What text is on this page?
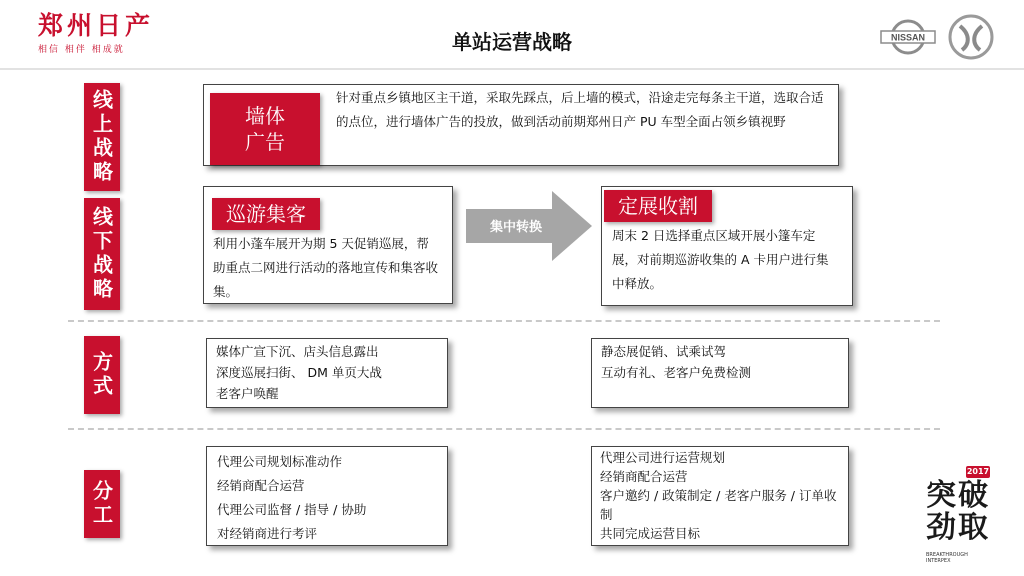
郑州日产
相信 相伴 相成就	单站运营战略	NISSAN
线上战略	墙体
广告
针对重点乡镇地区主干道，采取先踩点，后上墙的模式，沿途走完每条主干道，选取合适的点位，进行墙体广告的投放，做到活动前期郑州日产 PU 车型全面占领乡镇视野
线下战略	巡游集客
利用小蓬车展开为期 5 天促销巡展，帮助重点二网进行活动的落地宣传和集客收集。
集中转换
定展收割
周末 2 日选择重点区域开展小篷车定展，对前期巡游收集的 A 卡用户进行集中释放。
方式	媒体广宣下沉、店头信息露出
深度巡展扫街、 DM 单页大战
老客户唤醒
静态展促销、试乘试驾
互动有礼、老客户免费检测
分工
代理公司规划标准动作
经销商配合运营
代理公司监督 / 指导 / 协助
对经销商进行考评
代理公司进行运营规划
经销商配合运营
客户邀约 / 政策制定 / 老客户服务 / 订单收制
共同完成运营目标
2017
突破 劲取
BREAKTHROUGH INTERPEX
